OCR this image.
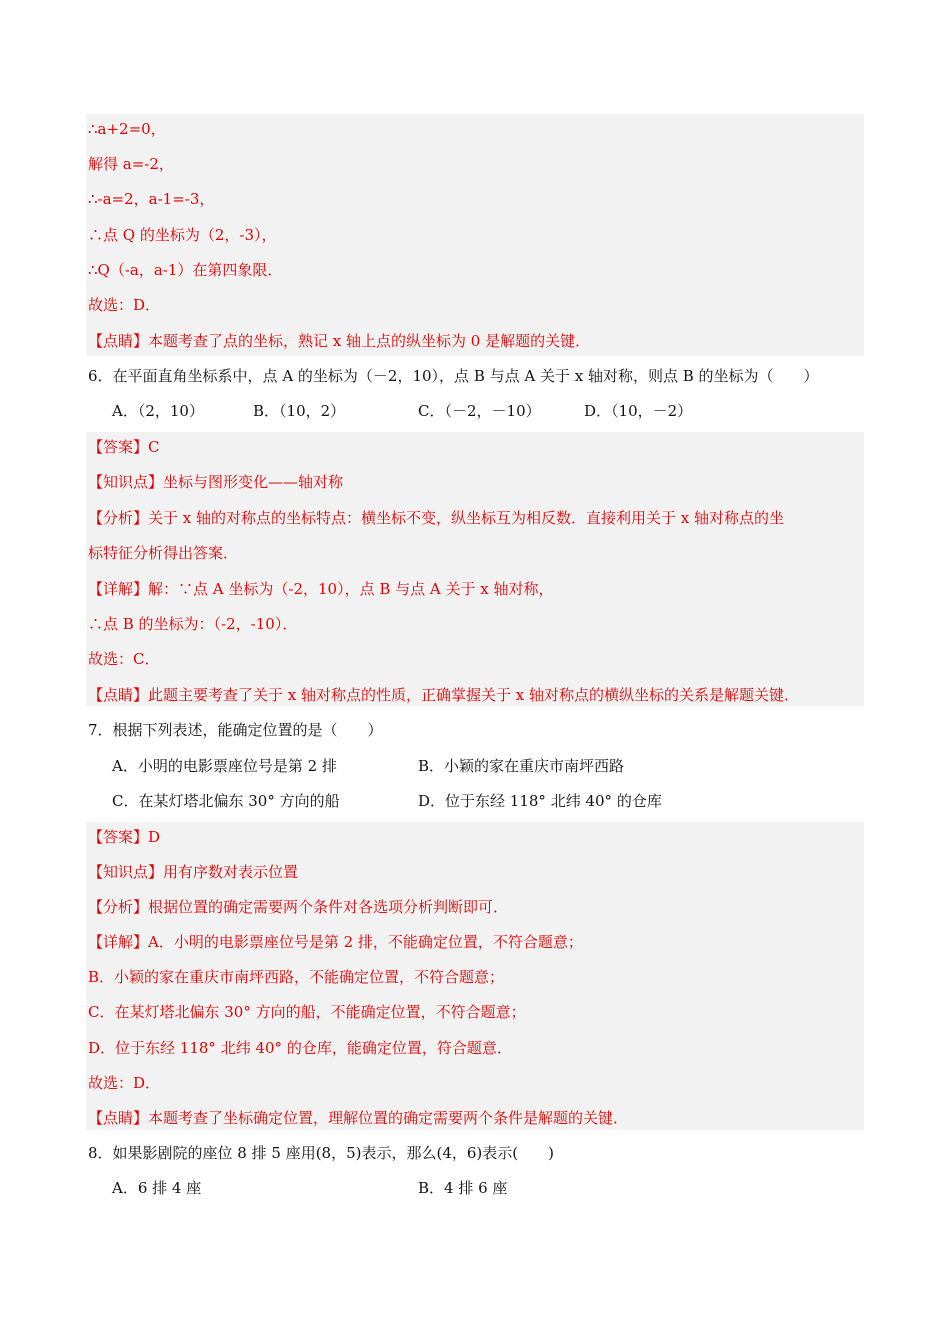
∴a+2=0，
解得 a=-2，
∴-a=2，a-1=-3，
∴点 Q 的坐标为（2，-3），
∴Q（-a，a-1）在第四象限．
故选：D．
【点睛】本题考查了点的坐标，熟记 x 轴上点的纵坐标为 0 是解题的关键．
6．在平面直角坐标系中，点 A 的坐标为（－2，10），点 B 与点 A 关于 x 轴对称，则点 B 的坐标为（　　）
A．（2，10）	B．（10，2）	C．（－2，－10）	D．（10，－2）
【答案】C
【知识点】坐标与图形变化——轴对称
【分析】关于 x 轴的对称点的坐标特点：横坐标不变，纵坐标互为相反数．直接利用关于 x 轴对称点的坐
标特征分析得出答案．
【详解】解：∵点 A 坐标为（-2，10），点 B 与点 A 关于 x 轴对称，
∴点 B 的坐标为：（-2，-10）．
故选：C．
【点睛】此题主要考查了关于 x 轴对称点的性质，正确掌握关于 x 轴对称点的横纵坐标的关系是解题关键．
7．根据下列表述，能确定位置的是（　　）
A．小明的电影票座位号是第 2 排	B．小颖的家在重庆市南坪西路
C．在某灯塔北偏东 30° 方向的船	D．位于东经 118° 北纬 40° 的仓库
【答案】D
【知识点】用有序数对表示位置
【分析】根据位置的确定需要两个条件对各选项分析判断即可．
【详解】A．小明的电影票座位号是第 2 排，不能确定位置，不符合题意；
B．小颖的家在重庆市南坪西路，不能确定位置，不符合题意；
C．在某灯塔北偏东 30° 方向的船，不能确定位置，不符合题意；
D．位于东经 118° 北纬 40° 的仓库，能确定位置，符合题意．
故选：D．
【点睛】本题考查了坐标确定位置，理解位置的确定需要两个条件是解题的关键．
8．如果影剧院的座位 8 排 5 座用(8，5)表示，那么(4，6)表示(　　)
A．6 排 4 座	B．4 排 6 座
